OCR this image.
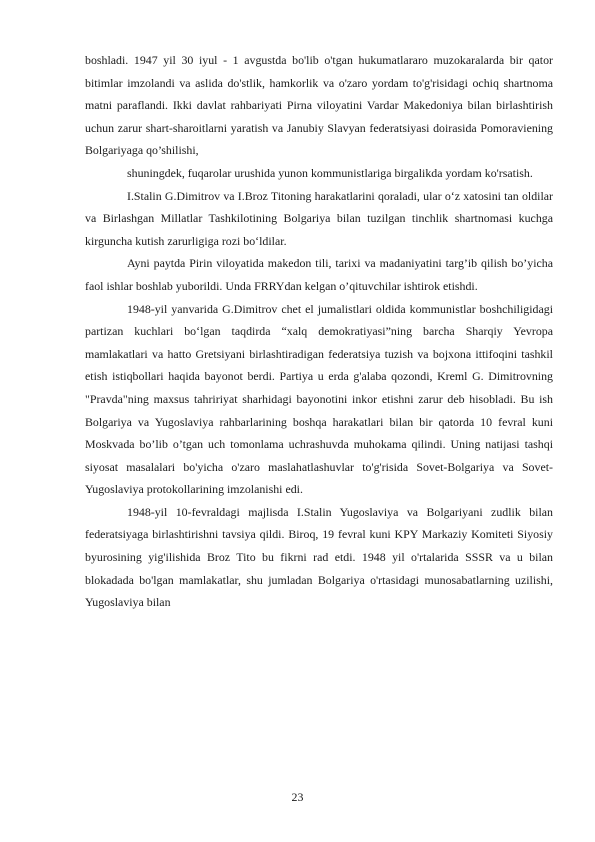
boshladi. 1947 yil 30 iyul - 1 avgustda bo'lib o'tgan hukumatlararo muzokaralarda bir qator bitimlar imzolandi va aslida do'stlik, hamkorlik va o'zaro yordam to'g'risidagi ochiq shartnoma matni paraflandi. Ikki davlat rahbariyati Pirna viloyatini Vardar Makedoniya bilan birlashtirish uchun zarur shart-sharoitlarni yaratish va Janubiy Slavyan federatsiyasi doirasida Pomoraviening Bolgariyaga qo’shilishi,

shuningdek, fuqarolar urushida yunon kommunistlariga birgalikda yordam ko'rsatish.

I.Stalin G.Dimitrov va I.Broz Titoning harakatlarini qoraladi, ular o‘z xatosini tan oldilar va Birlashgan Millatlar Tashkilotining Bolgariya bilan tuzilgan tinchlik shartnomasi kuchga kirguncha kutish zarurligiga rozi bo‘ldilar.

Ayni paytda Pirin viloyatida makedon tili, tarixi va madaniyatini targ’ib qilish bo’yicha faol ishlar boshlab yuborildi. Unda FRRYdan kelgan o’qituvchilar ishtirok etishdi.

1948-yil yanvarida G.Dimitrov chet el jumalistlari oldida kommunistlar boshchiligidagi partizan kuchlari bo‘lgan taqdirda “xalq demokratiyasi”ning barcha Sharqiy Yevropa mamlakatlari va hatto Gretsiyani birlashtiradigan federatsiya tuzish va bojxona ittifoqini tashkil etish istiqbollari haqida bayonot berdi. Partiya u erda g'alaba qozondi, Kreml G. Dimitrovning "Pravda"ning maxsus tahririyat sharhidagi bayonotini inkor etishni zarur deb hisobladi. Bu ish Bolgariya va Yugoslaviya rahbarlarining boshqa harakatlari bilan bir qatorda 10 fevral kuni Moskvada bo’lib o’tgan uch tomonlama uchrashuvda muhokama qilindi. Uning natijasi tashqi siyosat masalalari bo'yicha o'zaro maslahatlashuvlar to'g'risida Sovet-Bolgariya va Sovet-Yugoslaviya protokollarining imzolanishi edi.

1948-yil 10-fevraldagi majlisda I.Stalin Yugoslaviya va Bolgariyani zudlik bilan federatsiyaga birlashtirishni tavsiya qildi. Biroq, 19 fevral kuni KPY Markaziy Komiteti Siyosiy byurosining yig'ilishida Broz Tito bu fikrni rad etdi. 1948 yil o'rtalarida SSSR va u bilan blokadada bo'lgan mamlakatlar, shu jumladan Bolgariya o'rtasidagi munosabatlarning uzilishi, Yugoslaviya bilan

23
